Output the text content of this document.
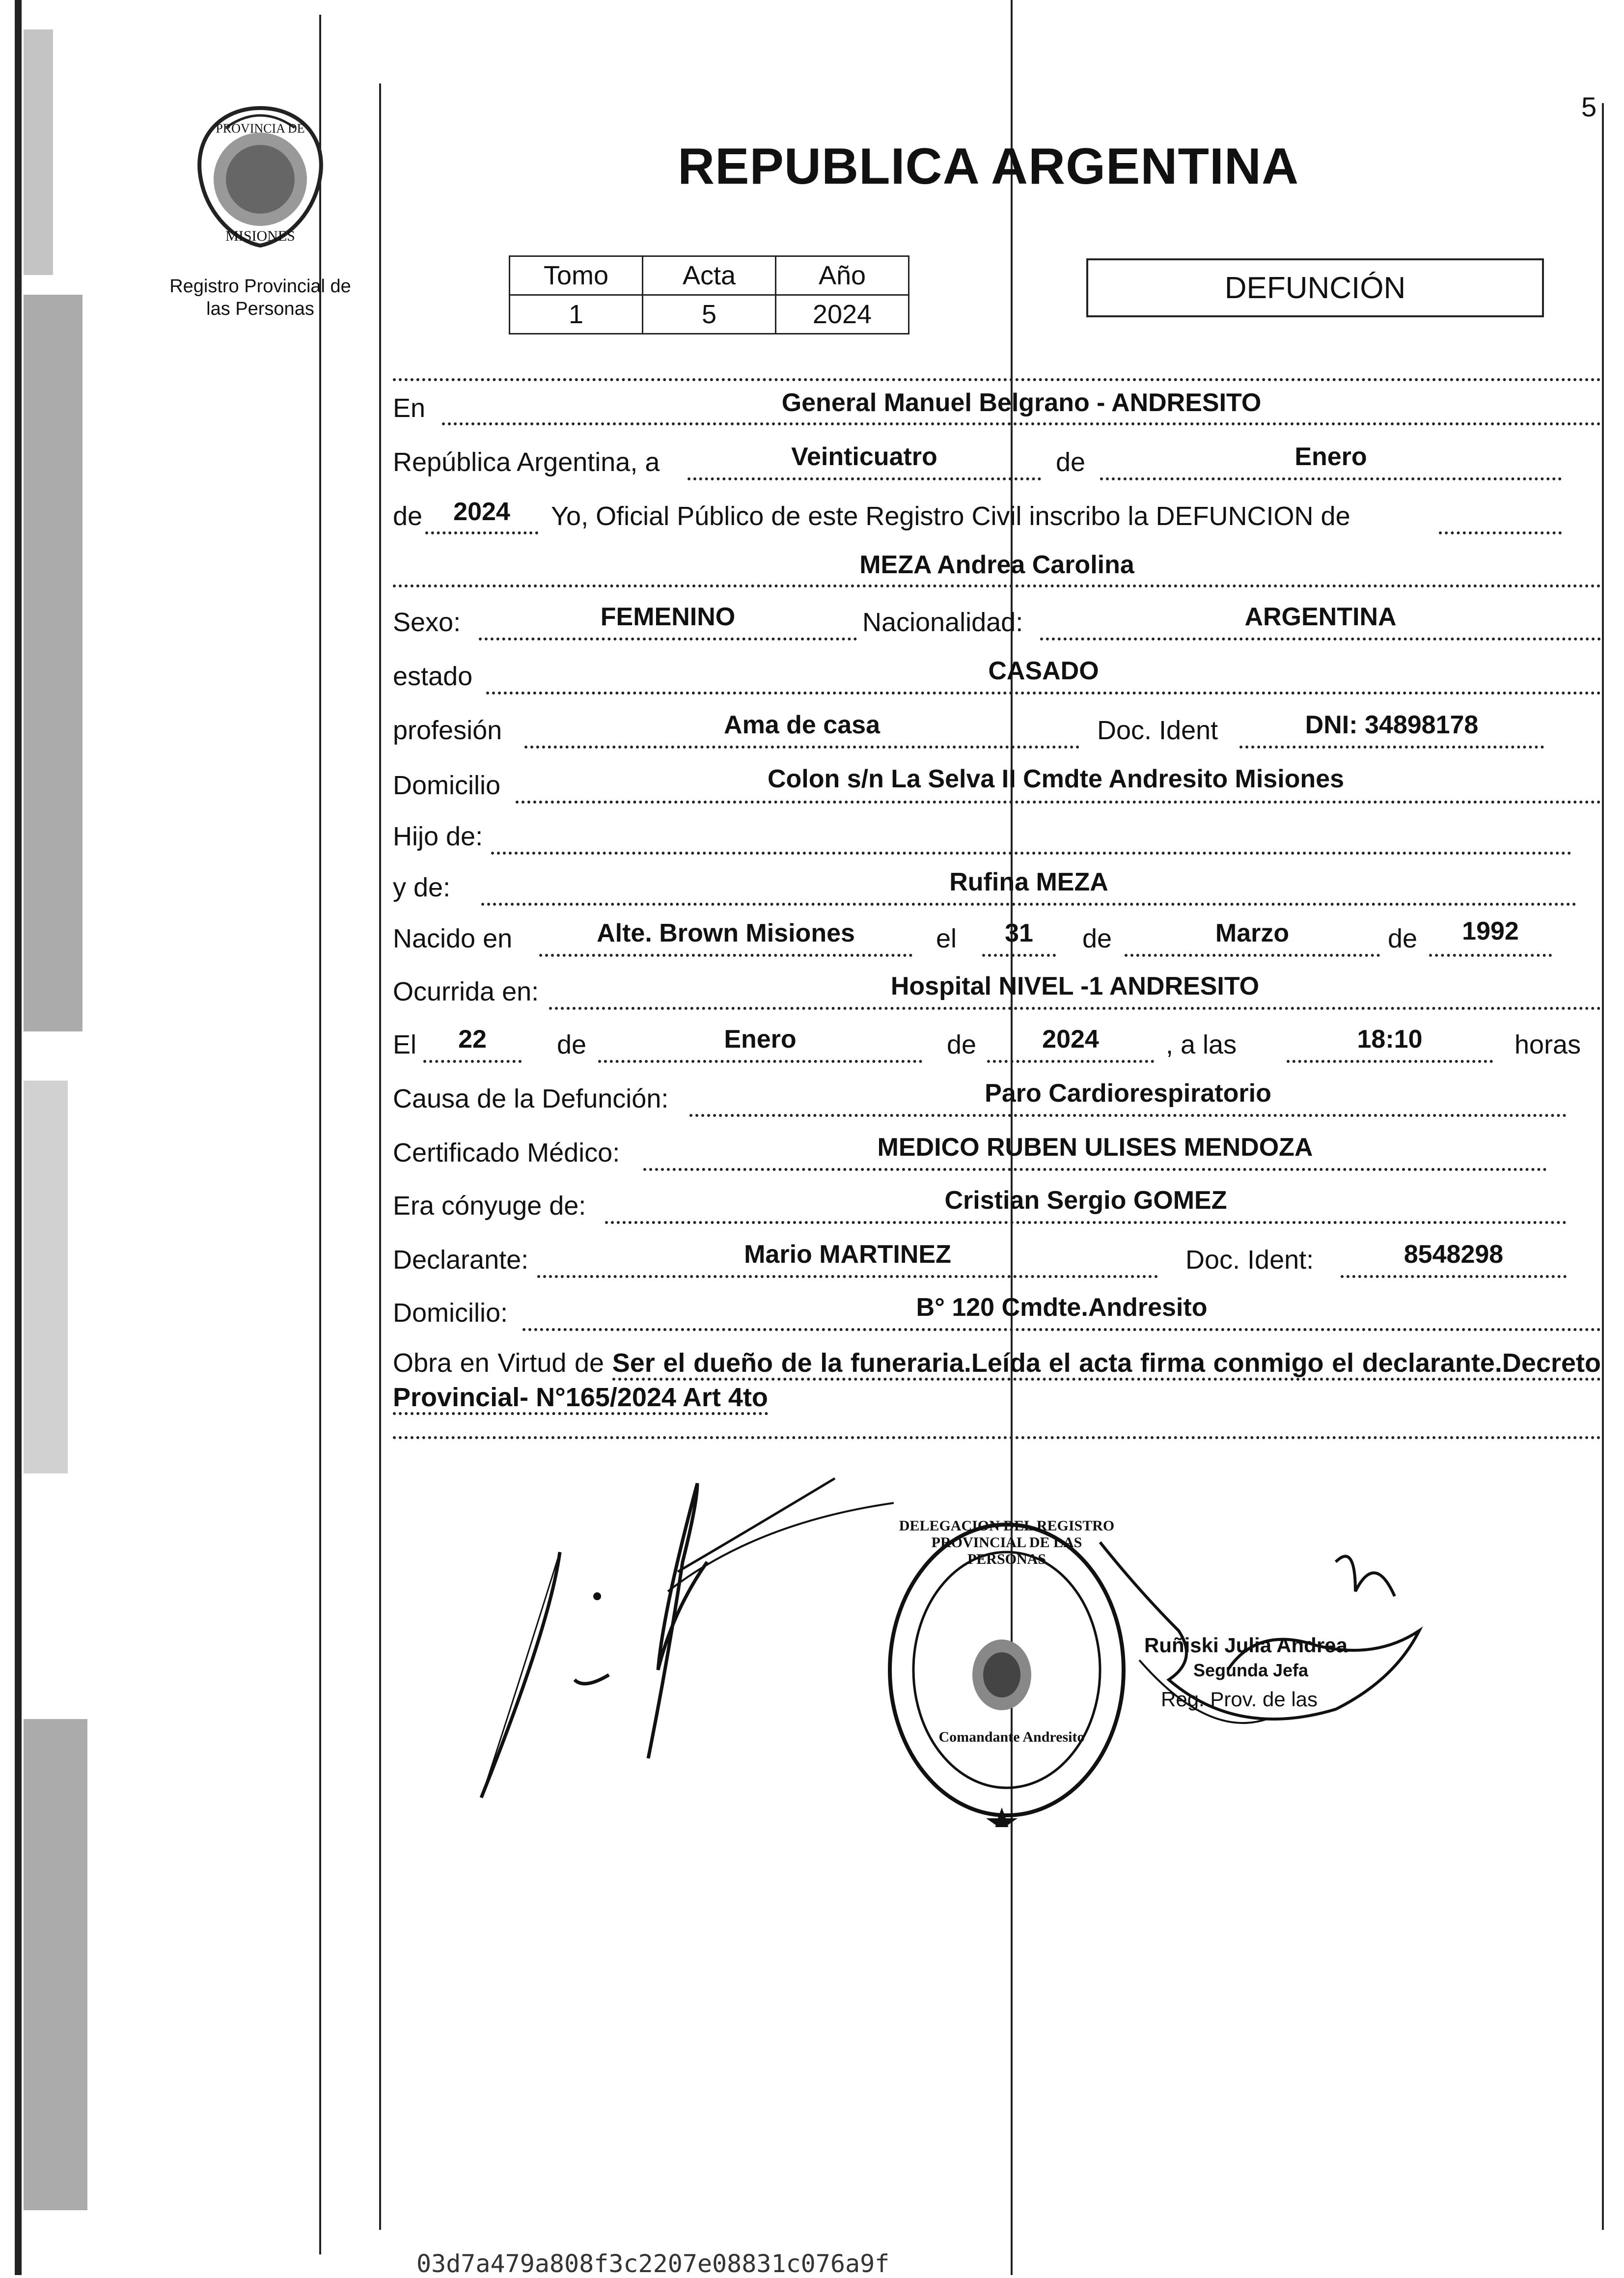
5
PROVINCIA DE
MISIONES
Registro Provincial de
las Personas
REPUBLICA ARGENTINA
Tomo	Acta	Año
1	5	2024
DEFUNCIÓN
En	General Manuel Belgrano - ANDRESITO
República Argentina, a	Veinticuatro	de	Enero
de	2024	Yo, Oficial Público de este Registro Civil inscribo la DEFUNCION de
MEZA Andrea Carolina
Sexo:	FEMENINO	Nacionalidad:	ARGENTINA
estado	CASADO
profesión	Ama de casa	Doc. Ident	DNI: 34898178
Domicilio	Colon s/n La Selva II Cmdte Andresito Misiones
Hijo de:
y de:	Rufina MEZA
Nacido en	Alte. Brown Misiones	el	31	de	Marzo	de	1992
Ocurrida en:	Hospital NIVEL -1 ANDRESITO
El	22	de	Enero	de	2024	, a las	18:10	horas
Causa de la Defunción:	Paro Cardiorespiratorio
Certificado Médico:	MEDICO RUBEN ULISES MENDOZA
Era cónyuge de:	Cristian Sergio GOMEZ
Declarante:	Mario MARTINEZ	Doc. Ident:	8548298
Domicilio:	B° 120 Cmdte.Andresito
Obra en Virtud de Ser el dueño de la funeraria.Leída el acta firma conmigo el declarante.Decreto Provincial- N°165/2024 Art 4to
DELEGACION DEL REGISTRO PROVINCIAL DE LAS PERSONAS
Comandante Andresito
Ruñiski Julia Andrea
Segunda Jefa
Reg. Prov. de las
03d7a479a808f3c2207e08831c076a9f
